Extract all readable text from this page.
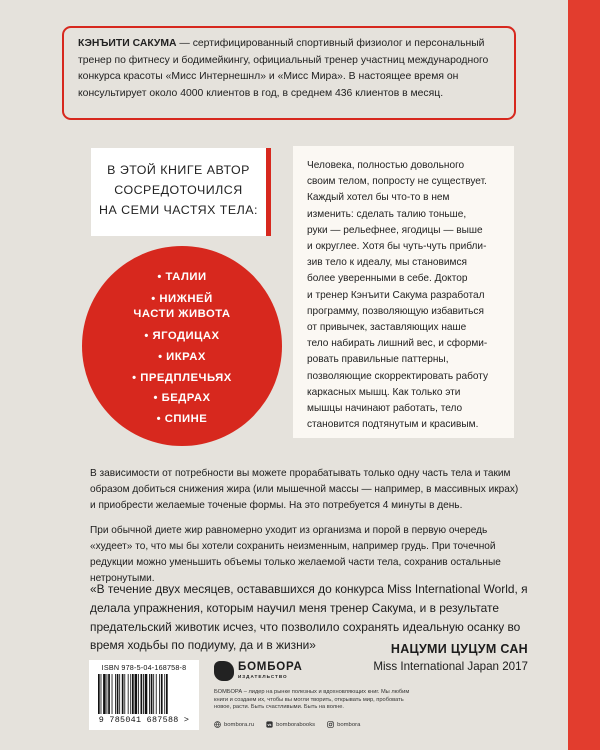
КЭНЪИТИ САКУМА — сертифицированный спортивный физиолог и персональный тренер по фитнесу и бодимейкингу, официальный тренер участниц международного конкурса красоты «Мисс Интернешнл» и «Мисс Мира». В настоящее время он консультирует около 4000 клиентов в год, в среднем 436 клиентов в месяц.
В ЭТОЙ КНИГЕ АВТОР
СОСРЕДОТОЧИЛСЯ
НА СЕМИ ЧАСТЯХ ТЕЛА:
• ТАЛИИ
• НИЖНЕЙ
ЧАСТИ ЖИВОТА
• ЯГОДИЦАХ
• ИКРАХ
• ПРЕДПЛЕЧЬЯХ
• БЕДРАХ
• СПИНЕ
Человека, полностью довольного
своим телом, попросту не существует.
Каждый хотел бы что-то в нем
изменить: сделать талию тоньше,
руки — рельефнее, ягодицы — выше
и округлее. Хотя бы чуть-чуть прибли-
зив тело к идеалу, мы становимся
более уверенными в себе. Доктор
и тренер Кэнъити Сакума разработал
программу, позволяющую избавиться
от привычек, заставляющих наше
тело набирать лишний вес, и сформи-
ровать правильные паттерны,
позволяющие скорректировать работу
каркасных мышц. Как только эти
мышцы начинают работать, тело
становится подтянутым и красивым.

В зависимости от потребности вы можете прорабатывать только одну часть тела и таким образом добиться снижения жира (или мышечной массы — например, в массивных икрах) и приобрести желаемые точеные формы. На это потребуется 4 минуты в день.

При обычной диете жир равномерно уходит из организма и порой в первую очередь «худеет» то, что мы бы хотели сохранить неизменным, например грудь. При точечной редукции можно уменьшить объемы только желаемой части тела, сохранив остальные нетронутыми.

«В течение двух месяцев, остававшихся до конкурса Miss International World, я делала упражнения, которым научил меня тренер Сакума, и в результате предательский животик исчез, что позволило сохранять идеальную осанку во время ходьбы по подиуму, да и в жизни»	НАЦУМИ ЦУЦУМ САН
Miss International Japan 2017
ISBN 978-5-04-168758-8
9 785041 687588 >
БОМБОРА
ИЗДАТЕЛЬСТВО

БОМБОРА – лидер на рынке полезных и вдохновляющих книг. Мы любим книги и создаем их, чтобы вы могли творить, открывать мир, пробовать новое, расти. Быть счастливыми. Быть на волне.

bombora.ru	vk bomborabooks	bombora
